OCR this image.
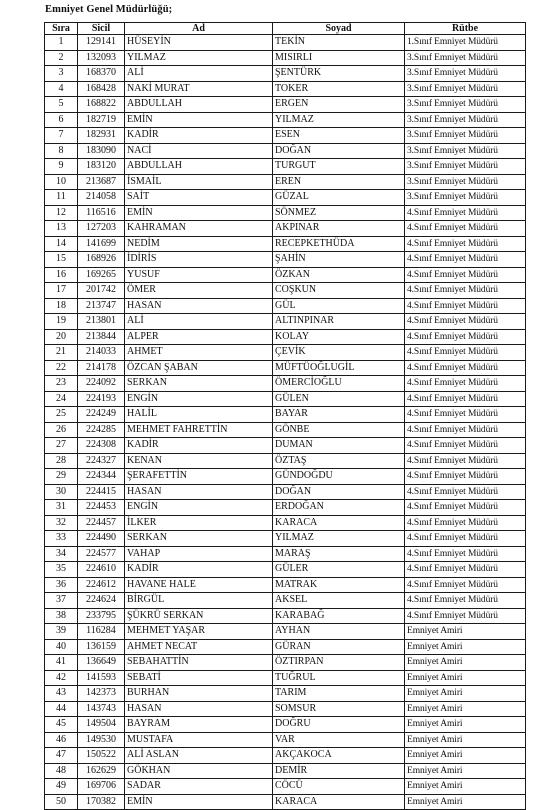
Emniyet Genel Müdürlüğü;
Sıra	Sicil	Ad	Soyad	Rütbe
1	129141	HÜSEYİN	TEKİN	1.Sınıf Emniyet Müdürü
2	132093	YILMAZ	MISIRLI	3.Sınıf Emniyet Müdürü
3	168370	ALİ	ŞENTÜRK	3.Sınıf Emniyet Müdürü
4	168428	NAKİ MURAT	TOKER	3.Sınıf Emniyet Müdürü
5	168822	ABDULLAH	ERGEN	3.Sınıf Emniyet Müdürü
6	182719	EMİN	YILMAZ	3.Sınıf Emniyet Müdürü
7	182931	KADİR	ESEN	3.Sınıf Emniyet Müdürü
8	183090	NACİ	DOĞAN	3.Sınıf Emniyet Müdürü
9	183120	ABDULLAH	TURGUT	3.Sınıf Emniyet Müdürü
10	213687	İSMAİL	EREN	3.Sınıf Emniyet Müdürü
11	214058	SAİT	GÜZAL	3.Sınıf Emniyet Müdürü
12	116516	EMİN	SÖNMEZ	4.Sınıf Emniyet Müdürü
13	127203	KAHRAMAN	AKPINAR	4.Sınıf Emniyet Müdürü
14	141699	NEDİM	RECEPKETHÜDA	4.Sınıf Emniyet Müdürü
15	168926	İDİRİS	ŞAHİN	4.Sınıf Emniyet Müdürü
16	169265	YUSUF	ÖZKAN	4.Sınıf Emniyet Müdürü
17	201742	ÖMER	COŞKUN	4.Sınıf Emniyet Müdürü
18	213747	HASAN	GÜL	4.Sınıf Emniyet Müdürü
19	213801	ALİ	ALTINPINAR	4.Sınıf Emniyet Müdürü
20	213844	ALPER	KOLAY	4.Sınıf Emniyet Müdürü
21	214033	AHMET	ÇEVİK	4.Sınıf Emniyet Müdürü
22	214178	ÖZCAN ŞABAN	MÜFTÜOĞLUGİL	4.Sınıf Emniyet Müdürü
23	224092	SERKAN	ÖMERCİOĞLU	4.Sınıf Emniyet Müdürü
24	224193	ENGİN	GÜLEN	4.Sınıf Emniyet Müdürü
25	224249	HALİL	BAYAR	4.Sınıf Emniyet Müdürü
26	224285	MEHMET FAHRETTİN	GÖNBE	4.Sınıf Emniyet Müdürü
27	224308	KADİR	DUMAN	4.Sınıf Emniyet Müdürü
28	224327	KENAN	ÖZTAŞ	4.Sınıf Emniyet Müdürü
29	224344	ŞERAFETTİN	GÜNDOĞDU	4.Sınıf Emniyet Müdürü
30	224415	HASAN	DOĞAN	4.Sınıf Emniyet Müdürü
31	224453	ENGİN	ERDOĞAN	4.Sınıf Emniyet Müdürü
32	224457	İLKER	KARACA	4.Sınıf Emniyet Müdürü
33	224490	SERKAN	YILMAZ	4.Sınıf Emniyet Müdürü
34	224577	VAHAP	MARAŞ	4.Sınıf Emniyet Müdürü
35	224610	KADİR	GÜLER	4.Sınıf Emniyet Müdürü
36	224612	HAVANE HALE	MATRAK	4.Sınıf Emniyet Müdürü
37	224624	BİRGÜL	AKSEL	4.Sınıf Emniyet Müdürü
38	233795	ŞÜKRÜ SERKAN	KARABAĞ	4.Sınıf Emniyet Müdürü
39	116284	MEHMET YAŞAR	AYHAN	Emniyet Amiri
40	136159	AHMET NECAT	GÜRAN	Emniyet Amiri
41	136649	SEBAHATTİN	ÖZTIRPAN	Emniyet Amiri
42	141593	SEBATİ	TUĞRUL	Emniyet Amiri
43	142373	BURHAN	TARIM	Emniyet Amiri
44	143743	HASAN	SOMSUR	Emniyet Amiri
45	149504	BAYRAM	DOĞRU	Emniyet Amiri
46	149530	MUSTAFA	VAR	Emniyet Amiri
47	150522	ALİ ASLAN	AKÇAKOCA	Emniyet Amiri
48	162629	GÖKHAN	DEMİR	Emniyet Amiri
49	169706	SADAR	CÖCÜ	Emniyet Amiri
50	170382	EMİN	KARACA	Emniyet Amiri
